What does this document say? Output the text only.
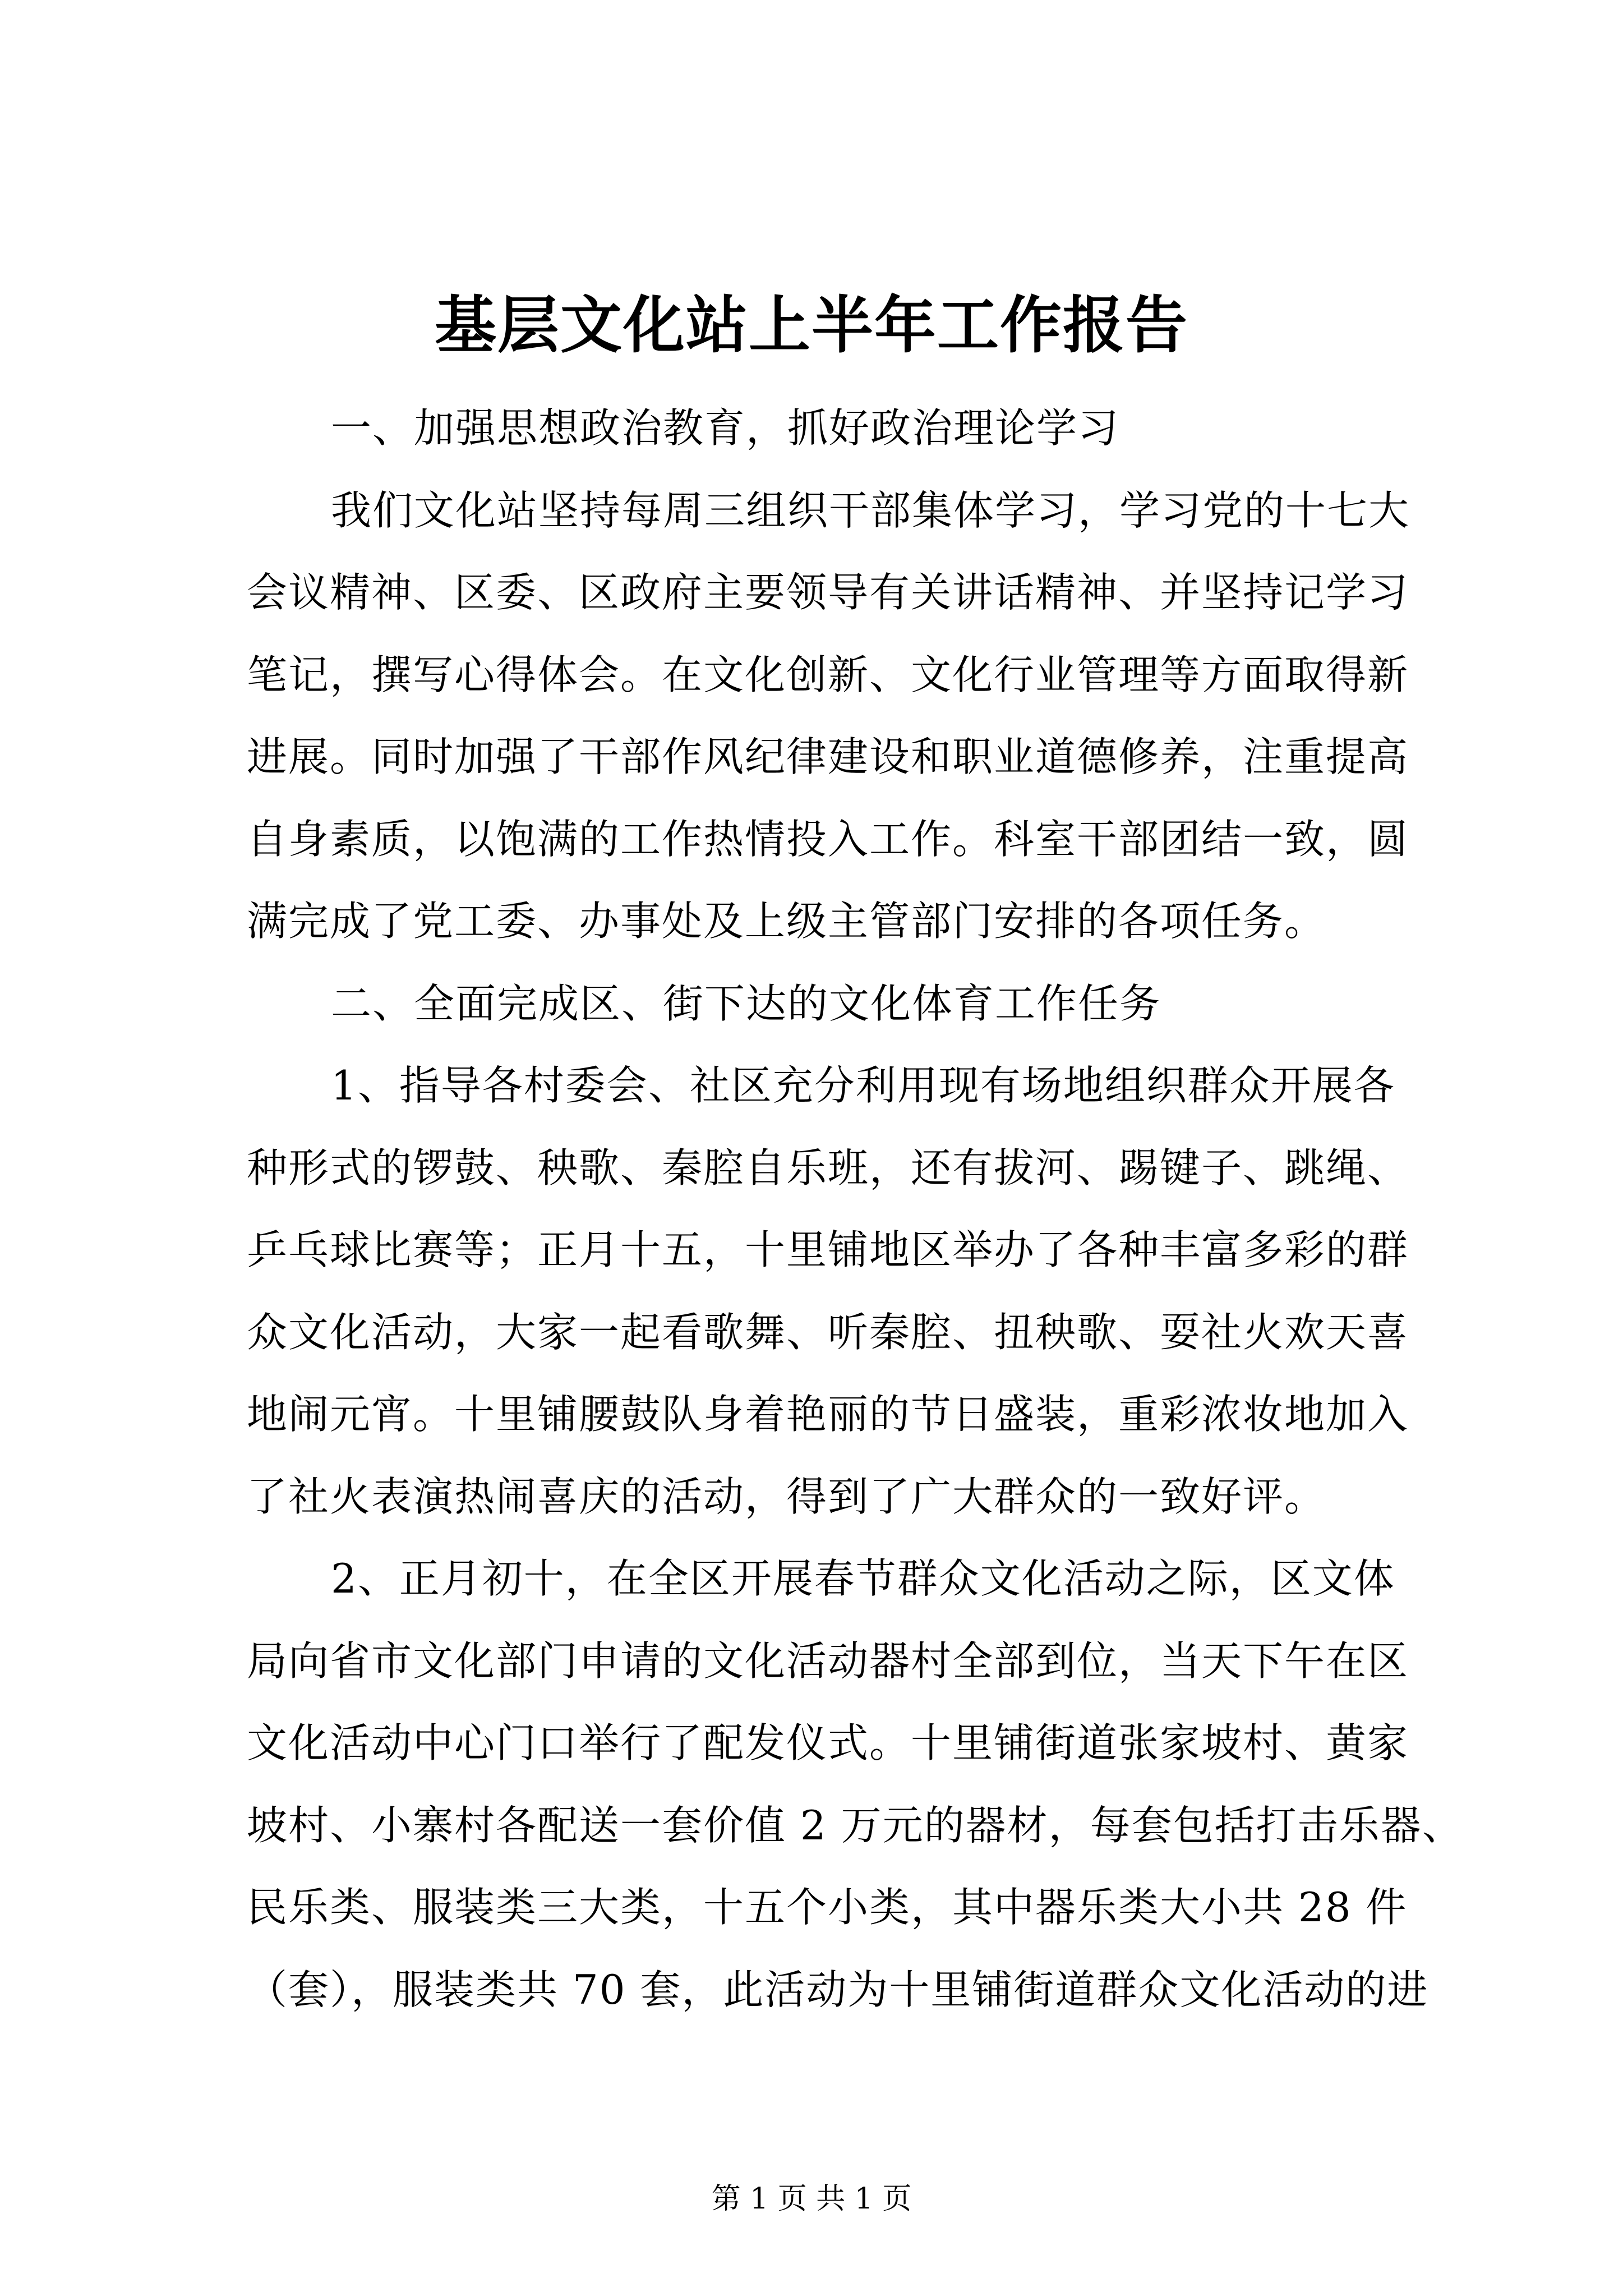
基层文化站上半年工作报告
一、加强思想政治教育，抓好政治理论学习
我们文化站坚持每周三组织干部集体学习，学习党的十七大
会议精神、区委、区政府主要领导有关讲话精神、并坚持记学习
笔记，撰写心得体会。在文化创新、文化行业管理等方面取得新
进展。同时加强了干部作风纪律建设和职业道德修养，注重提高
自身素质，以饱满的工作热情投入工作。科室干部团结一致，圆
满完成了党工委、办事处及上级主管部门安排的各项任务。
二、全面完成区、街下达的文化体育工作任务
1、指导各村委会、社区充分利用现有场地组织群众开展各
种形式的锣鼓、秧歌、秦腔自乐班，还有拔河、踢键子、跳绳、
乒乓球比赛等；正月十五，十里铺地区举办了各种丰富多彩的群
众文化活动，大家一起看歌舞、听秦腔、扭秧歌、耍社火欢天喜
地闹元宵。十里铺腰鼓队身着艳丽的节日盛装，重彩浓妆地加入
了社火表演热闹喜庆的活动，得到了广大群众的一致好评。
2、正月初十，在全区开展春节群众文化活动之际，区文体
局向省市文化部门申请的文化活动器村全部到位，当天下午在区
文化活动中心门口举行了配发仪式。十里铺街道张家坡村、黄家
坡村、小寨村各配送一套价值 2 万元的器材，每套包括打击乐器、
民乐类、服装类三大类，十五个小类，其中器乐类大小共 28 件
（套），服装类共 70 套，此活动为十里铺街道群众文化活动的进
第 1 页 共 1 页
